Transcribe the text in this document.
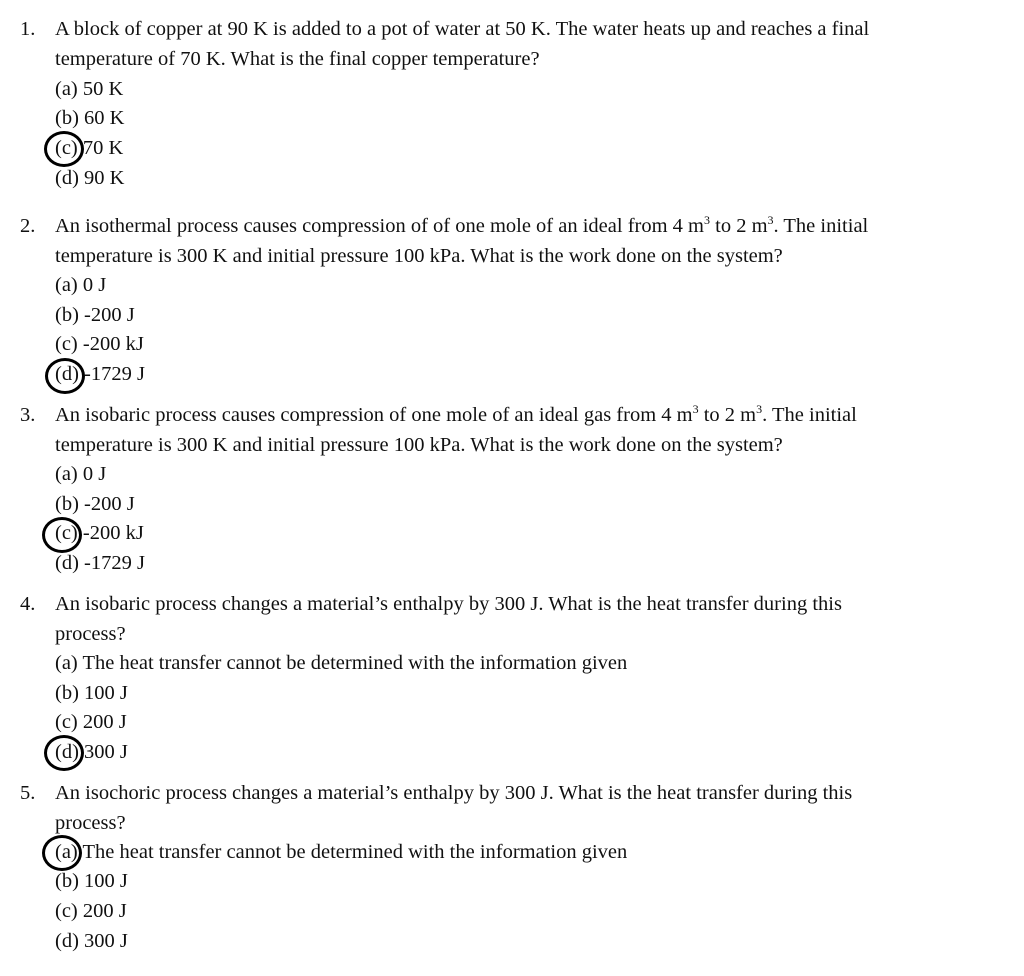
1. A block of copper at 90 K is added to a pot of water at 50 K. The water heats up and reaches a final
temperature of 70 K. What is the final copper temperature?
(a) 50 K
(b) 60 K
(c) 70 K
(d) 90 K
2. An isothermal process causes compression of of one mole of an ideal from 4 $m^3$ to 2 $m^3$. The initial
temperature is 300 K and initial pressure 100 kPa. What is the work done on the system?
(a) 0 J
(b) -200 J
(c) -200 kJ
(d) -1729 J
3. An isobaric process causes compression of one mole of an ideal gas from 4 $m^3$ to 2 $m^3$. The initial
temperature is 300 K and initial pressure 100 kPa. What is the work done on the system?
(a) 0 J
(b) -200 J
(c) -200 kJ
(d) -1729 J
4. An isobaric process changes a material’s enthalpy by 300 J. What is the heat transfer during this
process?
(a) The heat transfer cannot be determined with the information given
(b) 100 J
(c) 200 J
(d) 300 J
5. An isochoric process changes a material’s enthalpy by 300 J. What is the heat transfer during this
process?
(a) The heat transfer cannot be determined with the information given
(b) 100 J
(c) 200 J
(d) 300 J
